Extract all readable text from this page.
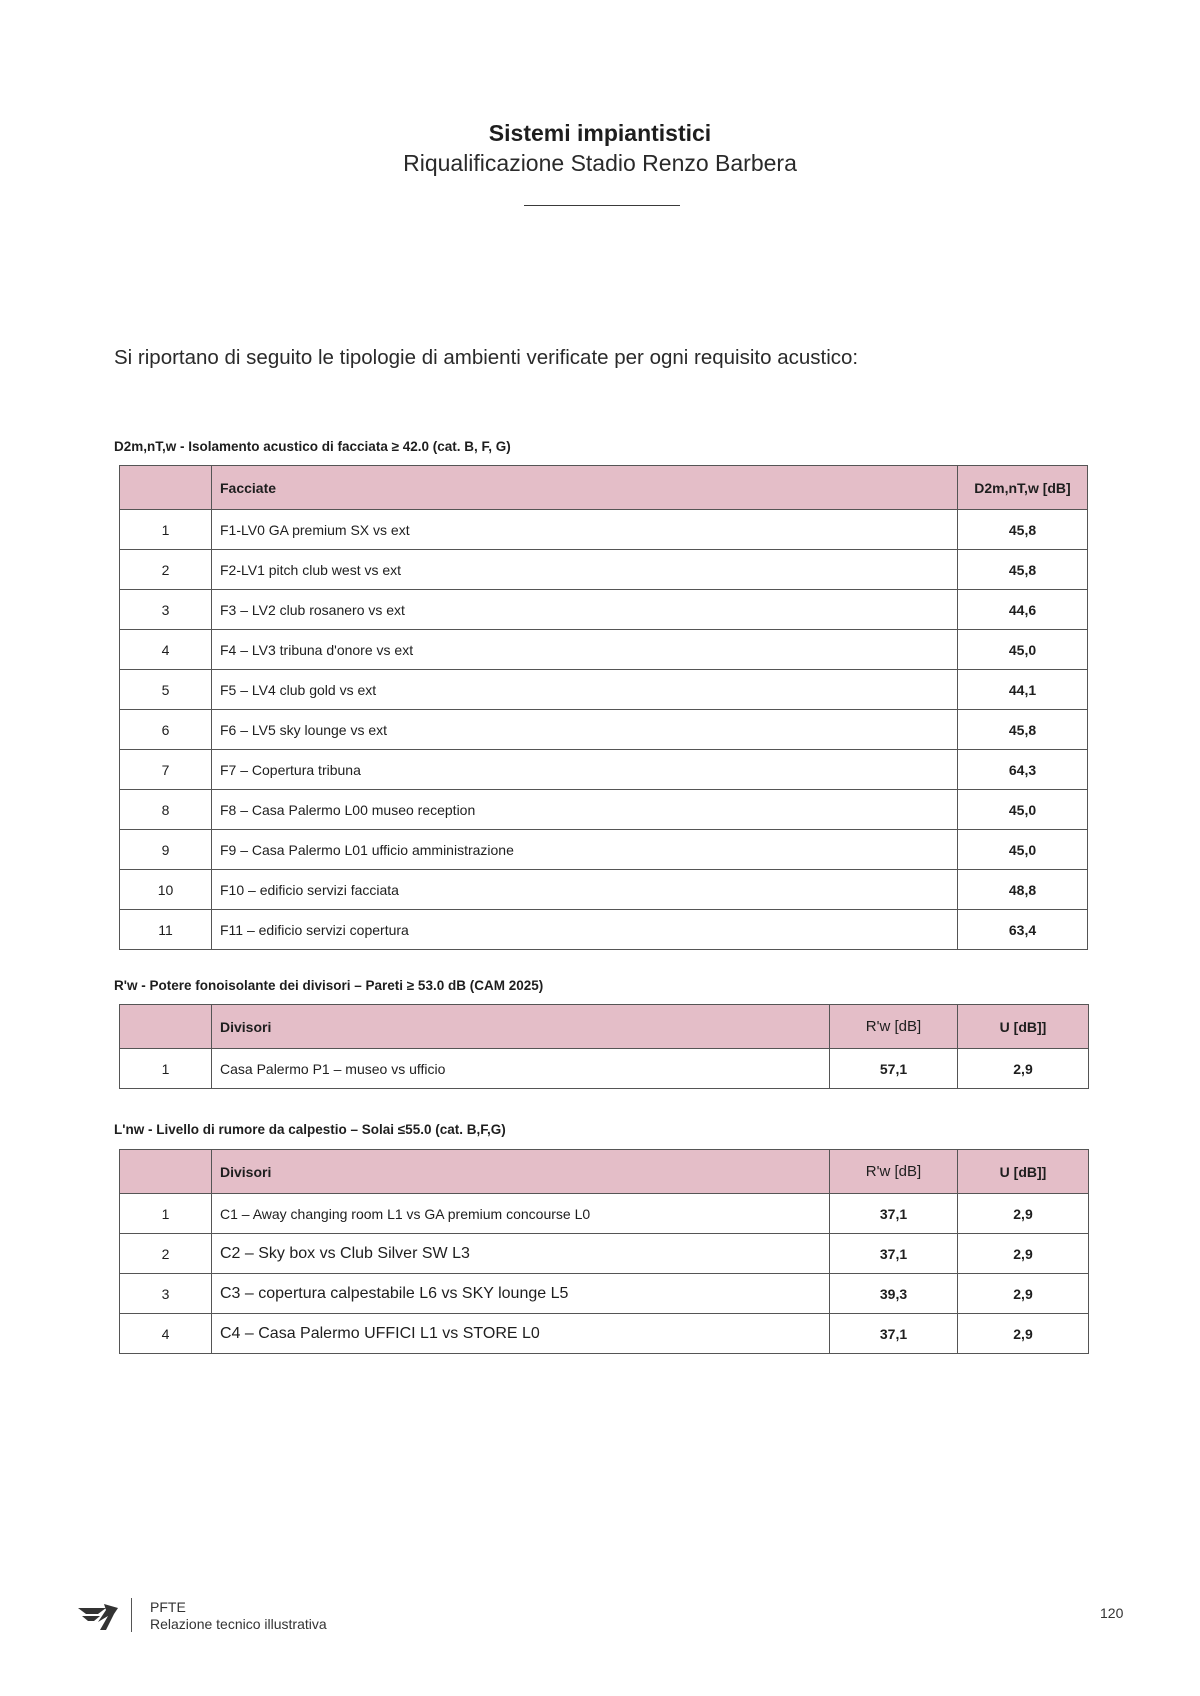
Sistemi impiantistici
Riqualificazione Stadio Renzo Barbera
Si riportano di seguito le tipologie di ambienti verificate per ogni requisito acustico:
D2m,nT,w - Isolamento acustico di facciata ≥ 42.0 (cat. B, F, G)
	Facciate	D2m,nT,w [dB]
1	F1-LV0 GA premium SX vs ext	45,8
2	F2-LV1 pitch club west vs ext	45,8
3	F3 – LV2 club rosanero vs ext	44,6
4	F4 – LV3 tribuna d'onore vs ext	45,0
5	F5 – LV4 club gold vs ext	44,1
6	F6 – LV5 sky lounge vs ext	45,8
7	F7 – Copertura tribuna	64,3
8	F8 – Casa Palermo L00 museo reception	45,0
9	F9 – Casa Palermo L01 ufficio amministrazione	45,0
10	F10 – edificio servizi facciata	48,8
11	F11 – edificio servizi copertura	63,4
R'w - Potere fonoisolante dei divisori – Pareti ≥ 53.0 dB (CAM 2025)
	Divisori	R'w [dB]	U [dB]]
1	Casa Palermo P1 – museo vs ufficio	57,1	2,9
L'nw - Livello di rumore da calpestio – Solai ≤55.0 (cat. B,F,G)
	Divisori	R'w [dB]	U [dB]]
1	C1 – Away changing room L1 vs GA premium concourse L0	37,1	2,9
2	C2 – Sky box vs Club Silver SW L3	37,1	2,9
3	C3 – copertura calpestabile L6 vs SKY lounge L5	39,3	2,9
4	C4 – Casa Palermo UFFICI L1 vs STORE L0	37,1	2,9
PFTE
Relazione tecnico illustrativa
120
